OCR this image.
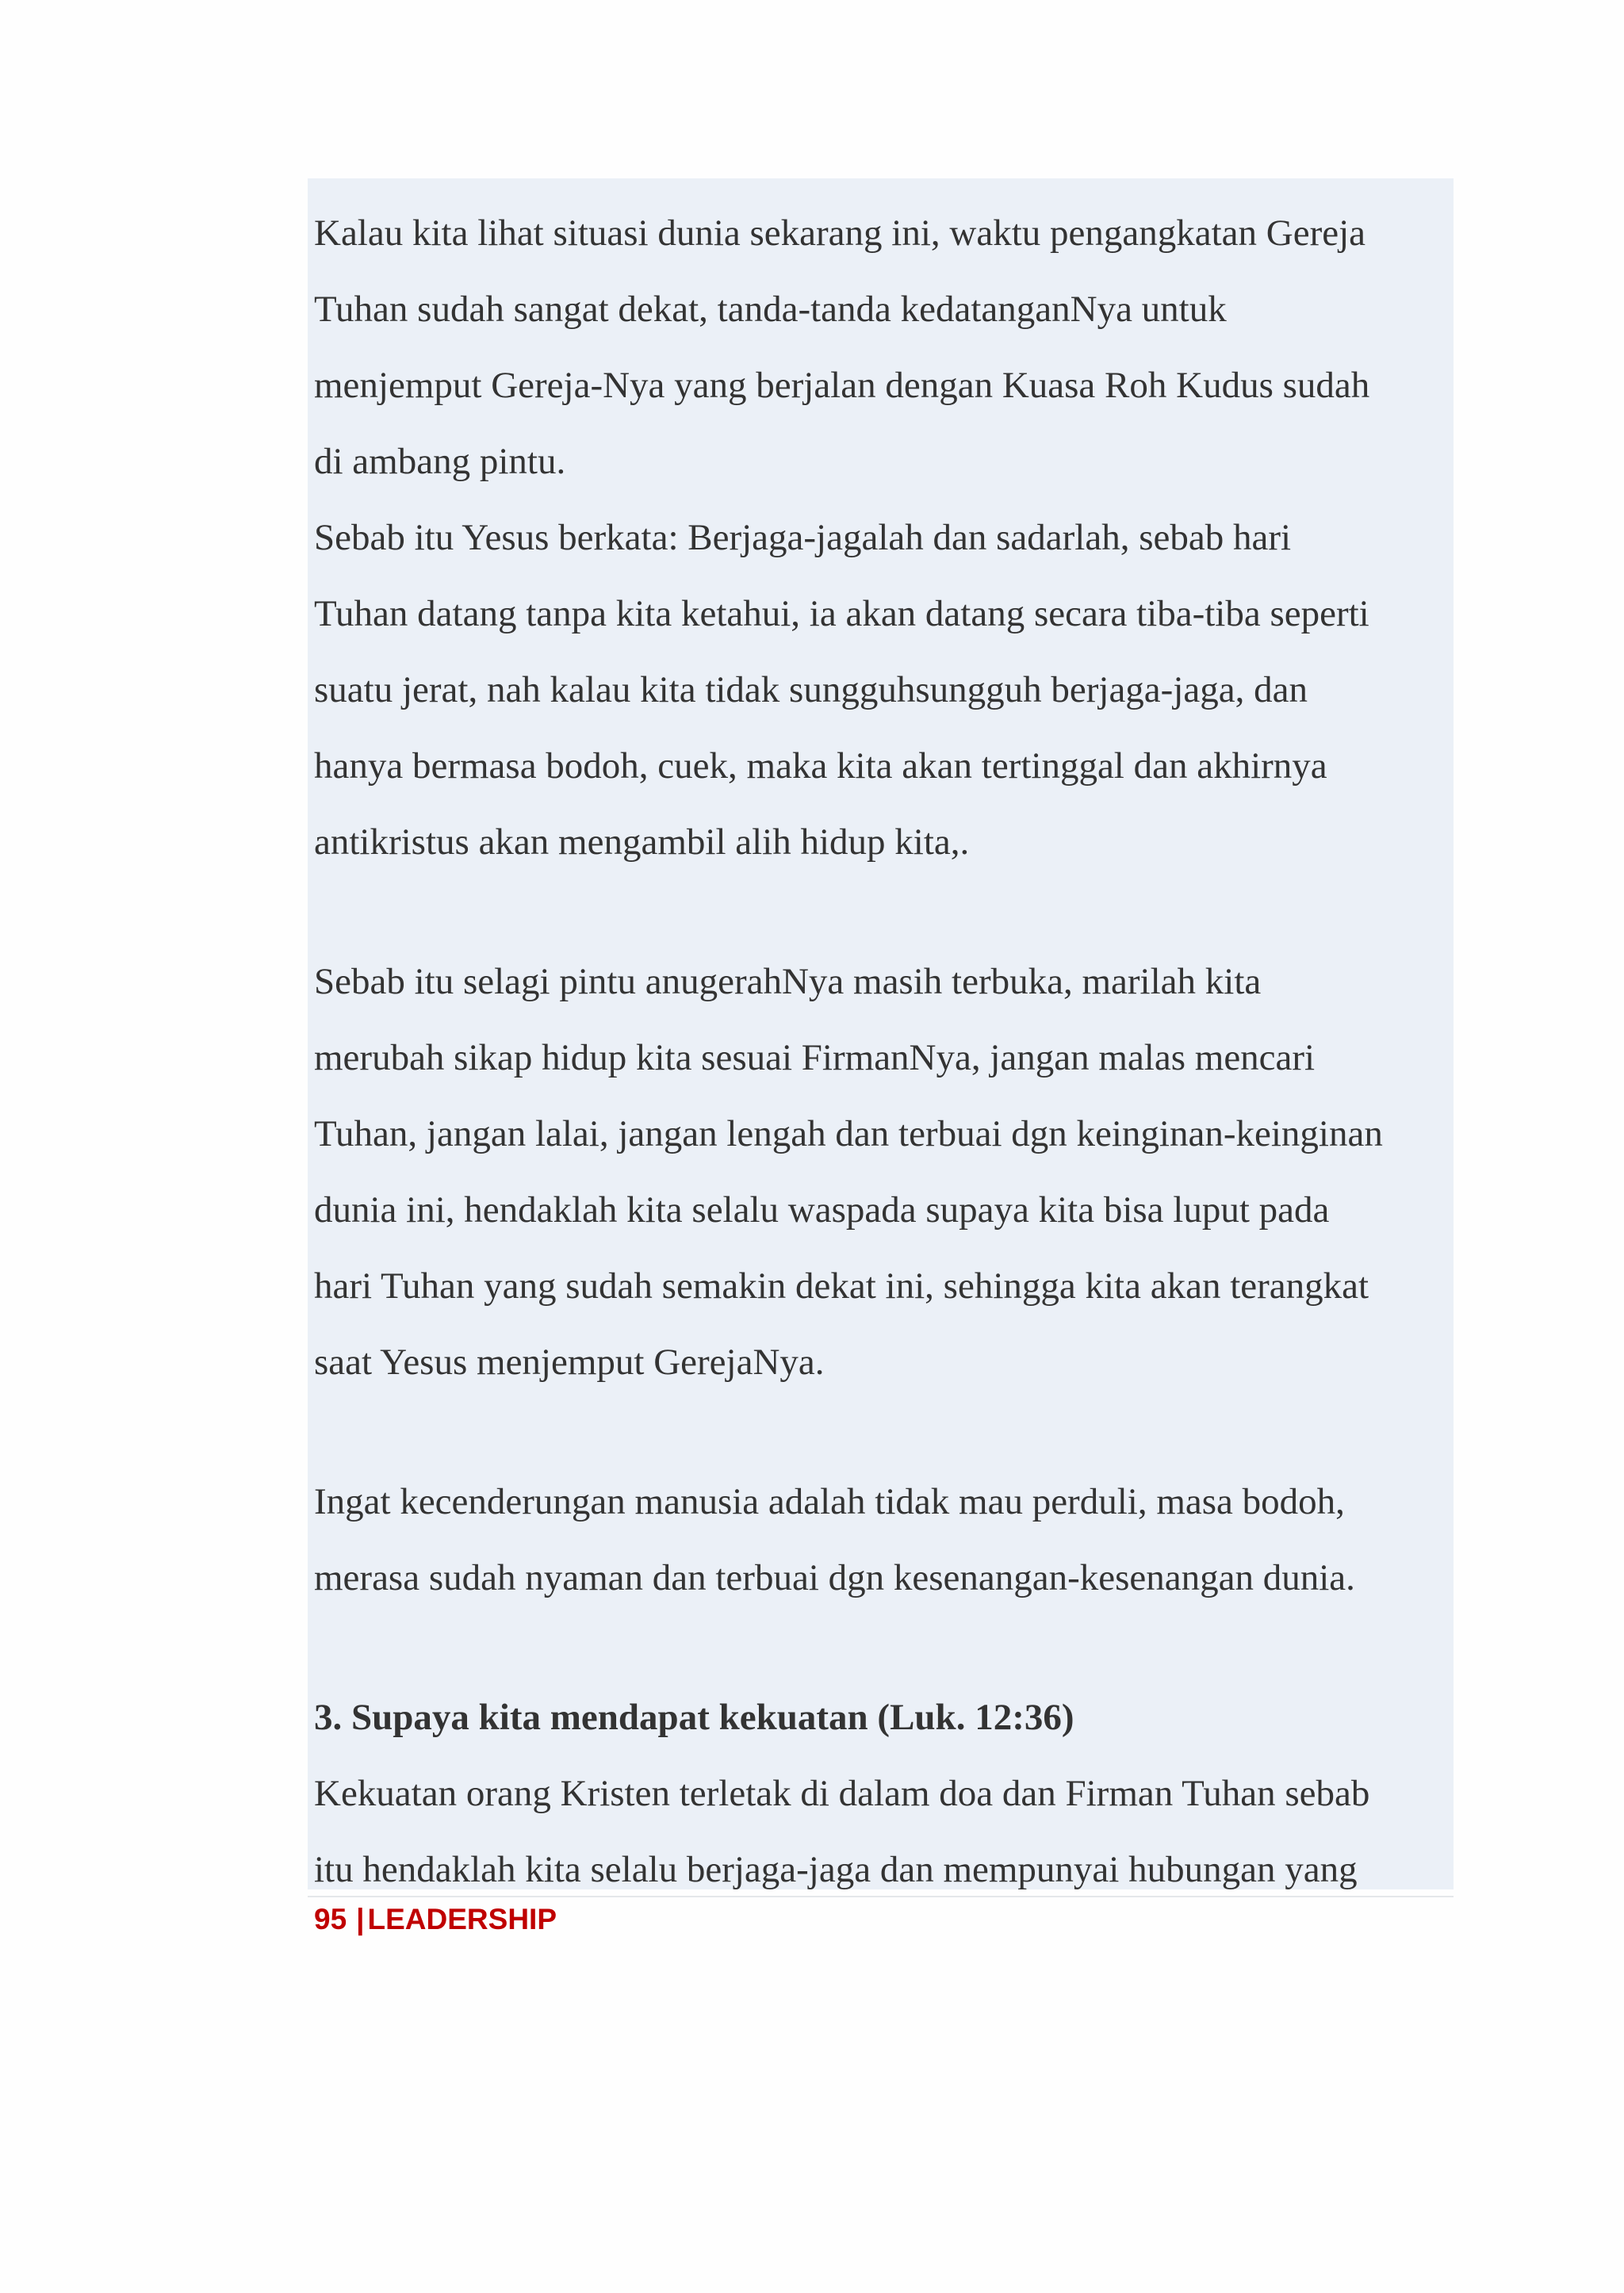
Kalau kita lihat situasi dunia sekarang ini, waktu pengangkatan Gereja
Tuhan sudah sangat dekat, tanda-tanda kedatanganNya untuk
menjemput Gereja-Nya yang berjalan dengan Kuasa Roh Kudus sudah
di ambang pintu.
Sebab itu Yesus berkata: Berjaga-jagalah dan sadarlah, sebab hari
Tuhan datang tanpa kita ketahui, ia akan datang secara tiba-tiba seperti
suatu jerat, nah kalau kita tidak sungguhsungguh berjaga-jaga, dan
hanya bermasa bodoh, cuek, maka kita akan tertinggal dan akhirnya
antikristus akan mengambil alih hidup kita,.
Sebab itu selagi pintu anugerahNya masih terbuka, marilah kita
merubah sikap hidup kita sesuai FirmanNya, jangan malas mencari
Tuhan, jangan lalai, jangan lengah dan terbuai dgn keinginan-keinginan
dunia ini, hendaklah kita selalu waspada supaya kita bisa luput pada
hari Tuhan yang sudah semakin dekat ini, sehingga kita akan terangkat
saat Yesus menjemput GerejaNya.
Ingat kecenderungan manusia adalah tidak mau perduli, masa bodoh,
merasa sudah nyaman dan terbuai dgn kesenangan-kesenangan dunia.
3. Supaya kita mendapat kekuatan (Luk. 12:36)
Kekuatan orang Kristen terletak di dalam doa dan Firman Tuhan sebab
itu hendaklah kita selalu berjaga-jaga dan mempunyai hubungan yang
95 | LEADERSHIP
